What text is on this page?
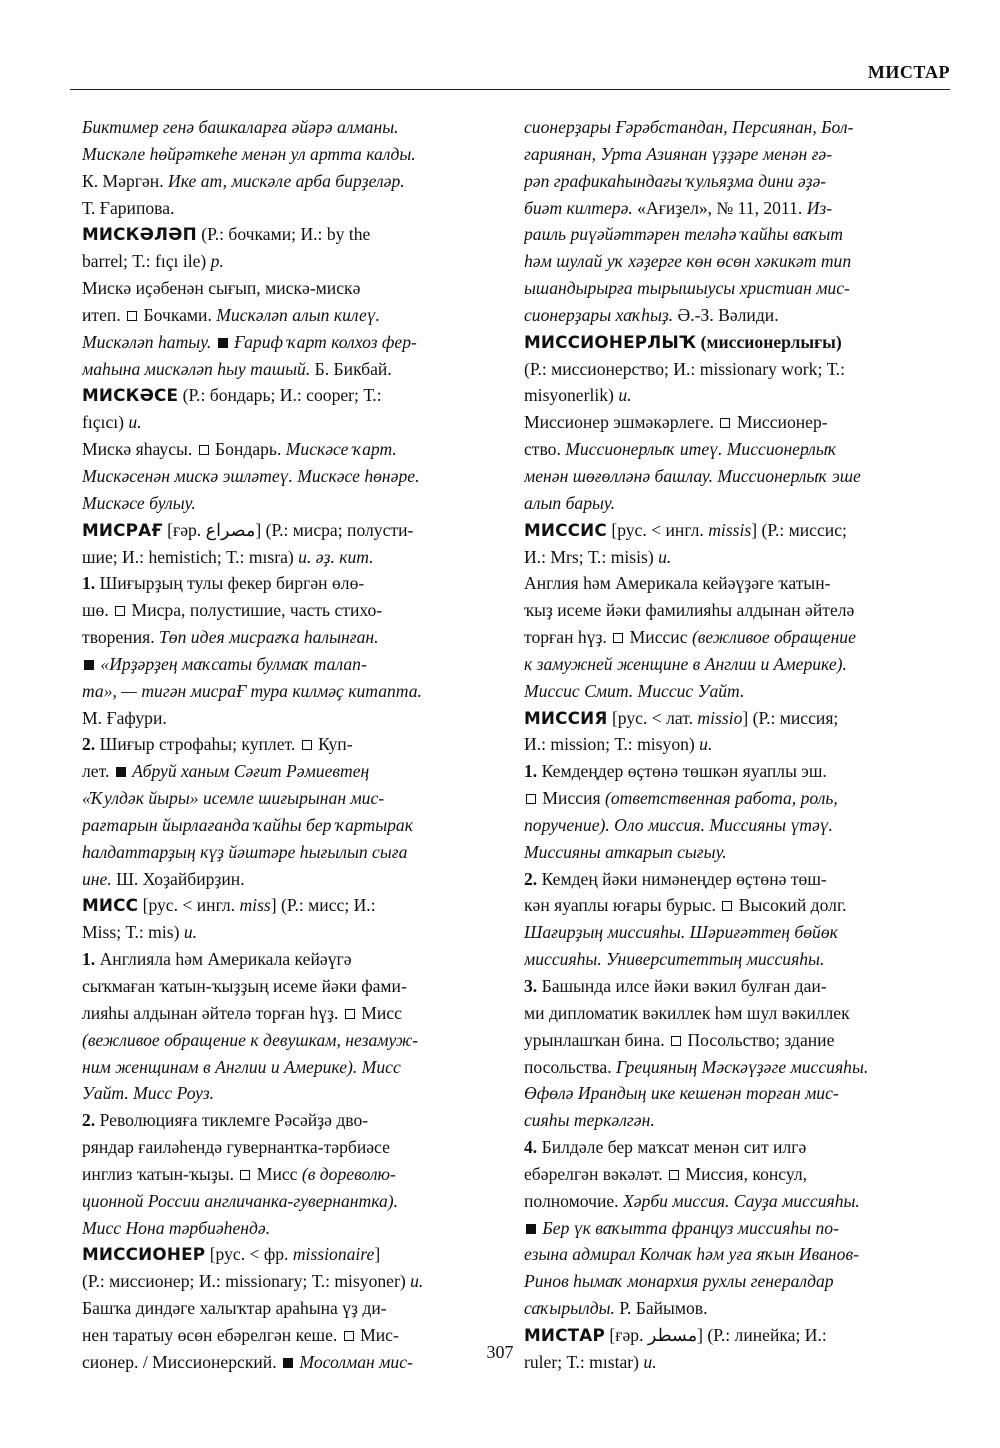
МИСТАР
Биктимер генә башкаларға әйәрә алманы.
Мискәле һөйрәткеһе менән ул артта калды.
К. Мәргән. Ике ат, мискәле арба бирҙеләр.
Т. Ғарипова.
МИСКӘЛӘП (Р.: бочками; И.: by the
barrel; Т.: fıçı ile) р.
Мискә иҫәбенән сығып, мискә-мискә
итеп.  Бочками. Мискәләп алып килеү.
Мискәләп һатыу.  Ғариф ҡарт колхоз фер-
маһына мискәләп һыу ташый. Б. Бикбай.
МИСКӘСЕ (Р.: бондарь; И.: cooper; Т.:
fıçıcı) и.
Мискә яһаусы.  Бондарь. Мискәсе ҡарт.
Мискәсенән мискә эшләтеү. Мискәсе һөнәре.
Мискәсе булыу.
МИСРАҒ [ғәр. مصراع] (Р.: мисра; полусти-
шие; И.: hemistich; Т.: mısra) и. әҙ. кит.
1. Шиғырҙың тулы фекер биргән өлө-
шө.  Мисра, полустишие, часть стихо-
творения. Төп идея мисрағҡа һалынған.
«Ирҙәрҙең маҡсаты булмаҡ талап-
та», — тигән мисраҒ тура килмәҫ китапта.
М. Ғафури.
2. Шиғыр строфаһы; куплет.  Куп-
лет.  Абруй ханым Сәғит Рәмиевтең
«Ҡулдәк йыры» исемле шиғырынан мис-
рағтарын йырлағанда ҡайһы бер ҡартырак
һалдаттарҙың күҙ йәштәре һығылып сыға
ине. Ш. Хоҙайбирҙин.
МИСС [рус. < ингл. miss] (Р.: мисс; И.:
Miss; Т.: mis) и.
1. Англияла һәм Америкала кейәүгә
сыҡмаған ҡатын-ҡыҙҙың исеме йәки фами-
лияһы алдынан әйтелә торған һүҙ.  Мисс
(вежливое обращение к девушкам, незамуж-
ним женщинам в Англии и Америке). Мисс
Уайт. Мисс Роуз.
2. Революцияға тиклемге Рәсәйҙә дво-
ряндар ғаиләһендә гувернантка-тәрбиәсе
инглиз ҡатын-ҡыҙы.  Мисс (в дореволю-
ционной России англичанка-гувернантка).
Мисс Нона тәрбиәһендә.
МИССИОНЕР [рус. < фр. missionaire]
(Р.: миссионер; И.: missionary; Т.: misyoner) и.
Башҡа диндәге халыҡтар араһына үҙ ди-
нен таратыу өсөн ебәрелгән кеше.  Мис-
сионер. / Миссионерский.  Мосолман мис-
сионерҙары Ғәрәбстандан, Персиянан, Бол-
гариянан, Урта Азиянан үҙҙәре менән ғә-
рәп графикаһындағы ҡульяҙма дини әҙә-
биәт килтерә. «Ағиҙел», № 11, 2011. Из-
раиль риүәйәттәрен теләһә ҡайһы ваҡыт
һәм шулай уҡ хәҙерге көн өсөн хәкикәт тип
ышандырырға тырышыусы христиан мис-
сионерҙары хаҡһыҙ. Ә.-З. Вәлиди.
МИССИОНЕРЛЫҠ (миссионерлығы)
(Р.: миссионерство; И.: missionary work; Т.:
misyonerlik) и.
Миссионер эшмәкәрлеге.  Миссионер-
ство. Миссионерлыҡ итеү. Миссионерлыҡ
менән шөғөлләнә башлау. Миссионерлыҡ эше
алып барыу.
МИССИС [рус. < ингл. missis] (Р.: миссис;
И.: Mrs; Т.: misis) и.
Англия һәм Америкала кейәүҙәге ҡатын-
ҡыҙ исеме йәки фамилияһы алдынан әйтелә
торған һүҙ.  Миссис (вежливое обращение
к замужней женщине в Англии и Америке).
Миссис Смит. Миссис Уайт.
МИССИЯ [рус. < лат. missio] (Р.: миссия;
И.: mission; Т.: misyon) и.
1. Кемдеңдер өҫтөнә төшкән яуаплы эш.
Миссия (ответственная работа, роль,
поручение). Оло миссия. Миссияны үтәү.
Миссияны аткарып сығыу.
2. Кемдең йәки нимәнеңдер өҫтөнә төш-
кән яуаплы юғары бурыс.  Высокий долг.
Шағирҙың миссияһы. Шәриғәттең бөйөк
миссияһы. Университеттың миссияһы.
3. Башында илсе йәки вәкил булған даи-
ми дипломатик вәкиллек һәм шул вәкиллек
урынлашҡан бина.  Посольство; здание
посольства. Грецияның Мәскәүҙәге миссияһы.
Өфөлә Ирандың ике кешенән торған мис-
сияһы теркәлгән.
4. Билдәле бер маҡсат менән сит илгә
ебәрелгән вәкәләт.  Миссия, консул,
полномочие. Хәрби миссия. Сауҙа миссияһы.
Бер үк ваҡытта француз миссияһы по-
езына адмирал Колчак һәм уға яҡын Иванов-
Ринов һымаҡ монархия рухлы генералдар
саҡырылды. Р. Байымов.
МИСТАР [ғәр. مسطر] (Р.: линейка; И.:
ruler; Т.: mıstar) и.
307
